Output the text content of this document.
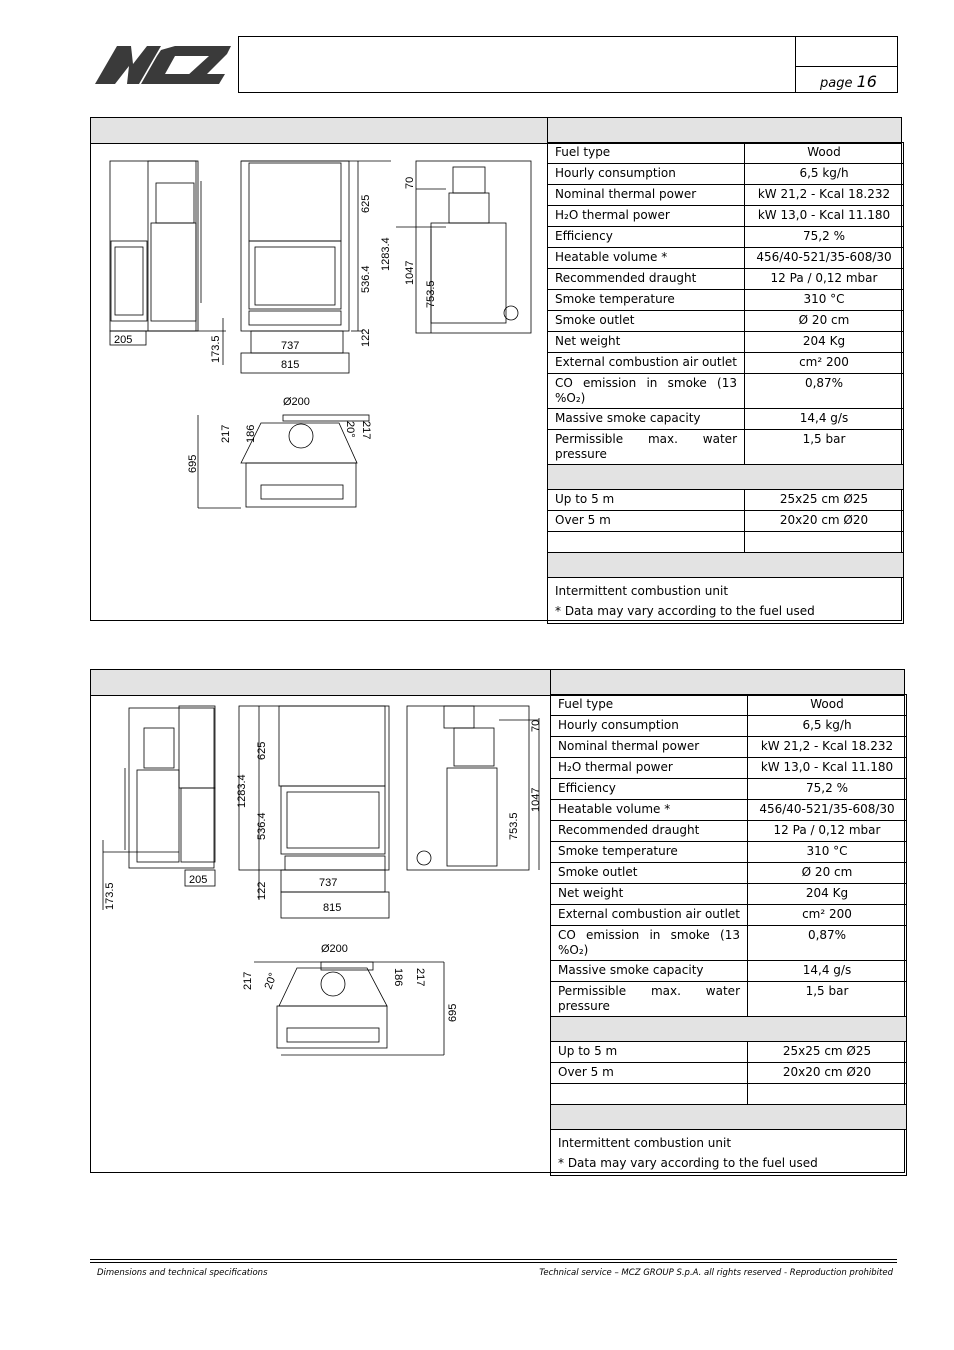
page 16
205	173.5
625
1283.4
536.4
122
737
815
70
1047
753.5
Ø200
217 186	20° 217
695
Fuel type	Wood
Hourly consumption	6,5 kg/h
Nominal thermal power	kW 21,2 - Kcal 18.232
H₂O thermal power	kW 13,0 - Kcal 11.180
Efficiency	75,2 %
Heatable volume *	456/40-521/35-608/30
Recommended draught	12 Pa / 0,12 mbar
Smoke temperature	310 °C
Smoke outlet	Ø 20 cm
Net weight	204 Kg
External combustion air outlet	cm² 200
CO emission in smoke (13 %O₂)	0,87%
Massive smoke capacity	14,4 g/s
Permissible max. water pressure	1,5 bar

Up to 5 m	25x25 cm Ø25
Over 5 m	20x20 cm Ø20

Intermittent combustion unit	
* Data may vary according to the fuel used	
205
173.5
625
1283.4
536.4
122	737
815
70
1047
753.5
Ø200
217 20°	186 217
695
Fuel type	Wood
Hourly consumption	6,5 kg/h
Nominal thermal power	kW 21,2 - Kcal 18.232
H₂O thermal power	kW 13,0 - Kcal 11.180
Efficiency	75,2 %
Heatable volume *	456/40-521/35-608/30
Recommended draught	12 Pa / 0,12 mbar
Smoke temperature	310 °C
Smoke outlet	Ø 20 cm
Net weight	204 Kg
External combustion air outlet	cm² 200
CO emission in smoke (13 %O₂)	0,87%
Massive smoke capacity	14,4 g/s
Permissible max. water pressure	1,5 bar

Up to 5 m	25x25 cm Ø25
Over 5 m	20x20 cm Ø20

Intermittent combustion unit	
* Data may vary according to the fuel used	
Dimensions and technical specifications	Technical service – MCZ GROUP S.p.A. all rights reserved - Reproduction prohibited
